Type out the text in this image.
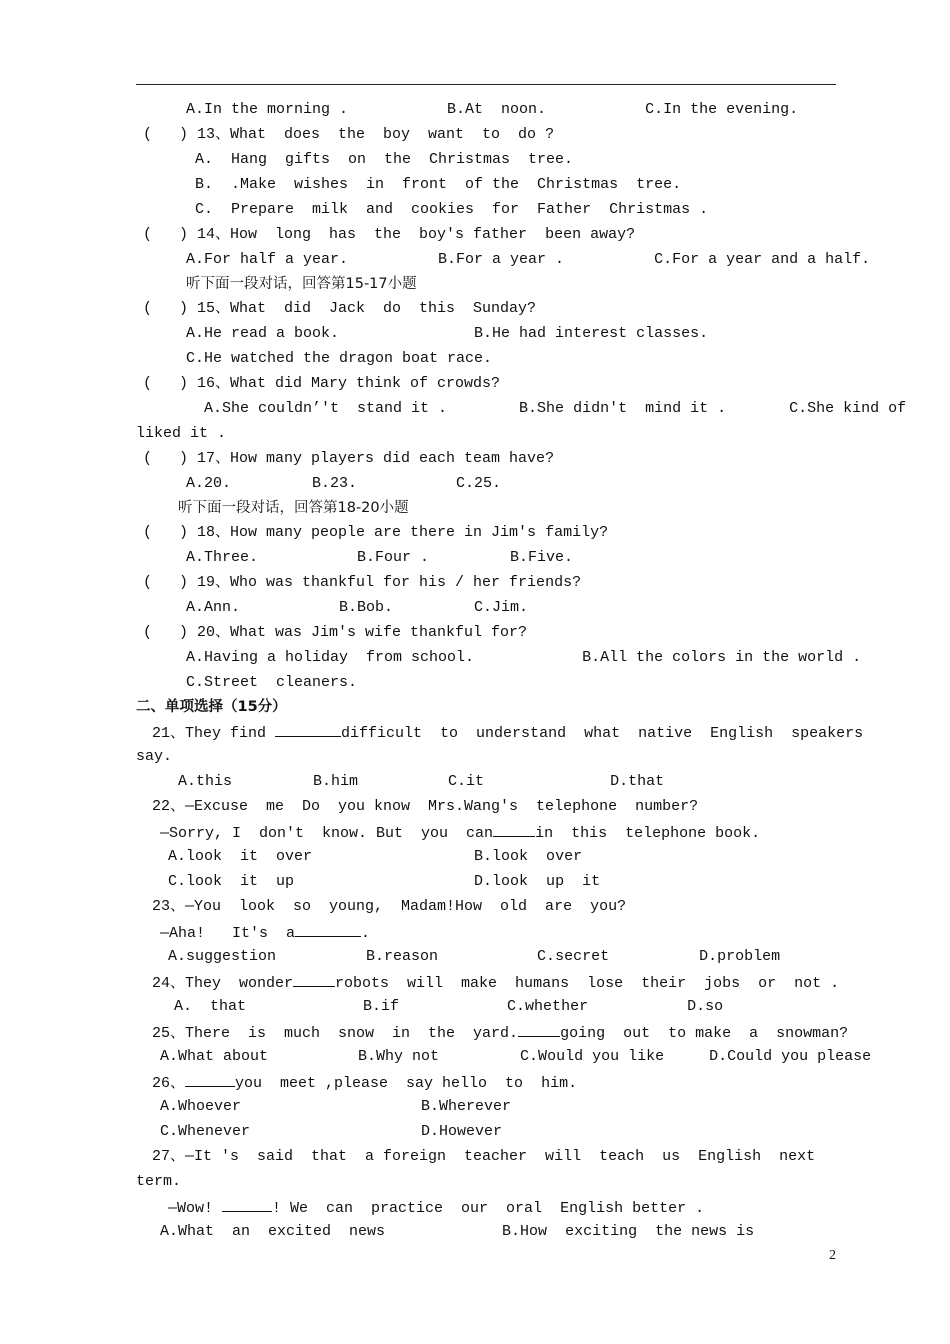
A.In the morning .           B.At  noon.           C.In the evening.
(   ) 13、What  does  the  boy  want  to  do ?
A.  Hang  gifts  on  the  Christmas  tree.
B.  .Make  wishes  in  front  of the  Christmas  tree.
C.  Prepare  milk  and  cookies  for  Father  Christmas .
(   ) 14、How  long  has  the  boy's father  been away?
A.For half a year.          B.For a year .          C.For a year and a half.
听下面一段对话，回答第15-17小题
(   ) 15、What  did  Jack  do  this  Sunday?
A.He read a book.               B.He had interest classes.
C.He watched the dragon boat race.
(   ) 16、What did Mary think of crowds?
A.She couldn’'t  stand it .        B.She didn't  mind it .       C.She kind of
liked it .
(   ) 17、How many players did each team have?
A.20.         B.23.           C.25.
听下面一段对话，回答第18-20小题
(   ) 18、How many people are there in Jim's family?
A.Three.           B.Four .         B.Five.
(   ) 19、Who was thankful for his / her friends?
A.Ann.           B.Bob.         C.Jim.
(   ) 20、What was Jim's wife thankful for?
A.Having a holiday  from school.            B.All the colors in the world .
C.Street  cleaners.
二、单项选择（15分）
21、They find	difficult  to  understand  what  native  English  speakers
say.
A.this         B.him          C.it              D.that
22、—Excuse  me  Do  you know  Mrs.Wang's  telephone  number?
—Sorry, I  don't  know. But  you  can	in  this  telephone book.
A.look  it  over                  B.look  over
C.look  it  up                    D.look  up  it
23、—You  look  so  young,  Madam!How  old  are  you?
—Aha!   It's  a	.
A.suggestion          B.reason           C.secret          D.problem
24、They  wonder	robots  will  make  humans  lose  their  jobs  or  not .
A.  that             B.if            C.whether           D.so
25、There  is  much  snow  in  the  yard.	going  out  to make  a  snowman?
A.What about          B.Why not         C.Would you like     D.Could you please
26、	you  meet ,please  say hello  to  him.
A.Whoever                    B.Wherever
C.Whenever                   D.However
27、—It 's  said  that  a foreign  teacher  will  teach  us  English  next
term.
—Wow!	! We  can  practice  our  oral  English better .
A.What  an  excited  news             B.How  exciting  the news is
2
